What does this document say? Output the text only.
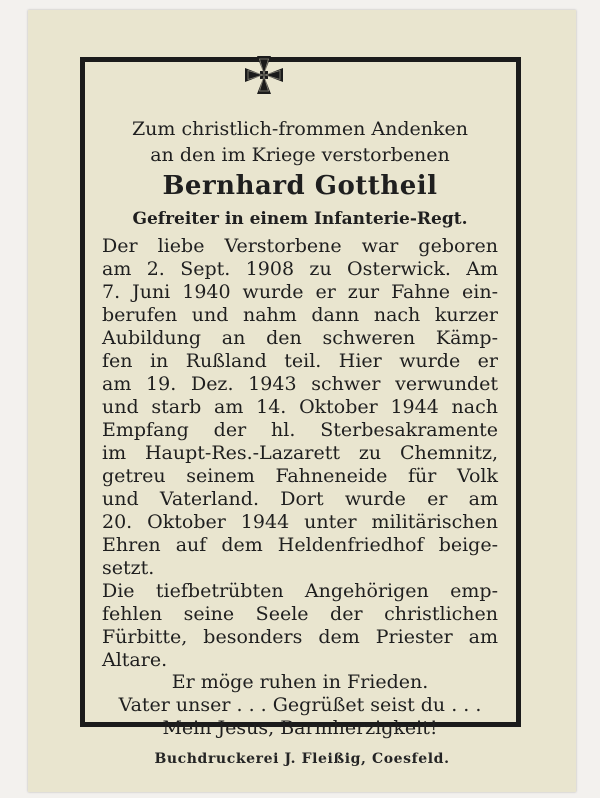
Zum christlich-frommen Andenken
an den im Kriege verstorbenen
Bernhard Gottheil
Gefreiter in einem Infanterie-Regt.
Der liebe Verstorbene war geboren
am 2. Sept. 1908 zu Osterwick. Am
7. Juni 1940 wurde er zur Fahne ein-
berufen und nahm dann nach kurzer
Aubildung an den schweren Kämp-
fen in Rußland teil. Hier wurde er
am 19. Dez. 1943 schwer verwundet
und starb am 14. Oktober 1944 nach
Empfang der hl. Sterbesakramente
im Haupt-Res.-Lazarett zu Chemnitz,
getreu seinem Fahneneide für Volk
und Vaterland. Dort wurde er am
20. Oktober 1944 unter militärischen
Ehren auf dem Heldenfriedhof beige-
setzt.
Die tiefbetrübten Angehörigen emp-
fehlen seine Seele der christlichen
Fürbitte, besonders dem Priester am
Altare.
Er möge ruhen in Frieden.
Vater unser . . . Gegrüßet seist du . . .
Mein Jesus, Barmherzigkeit!
Buchdruckerei J. Fleißig, Coesfeld.
